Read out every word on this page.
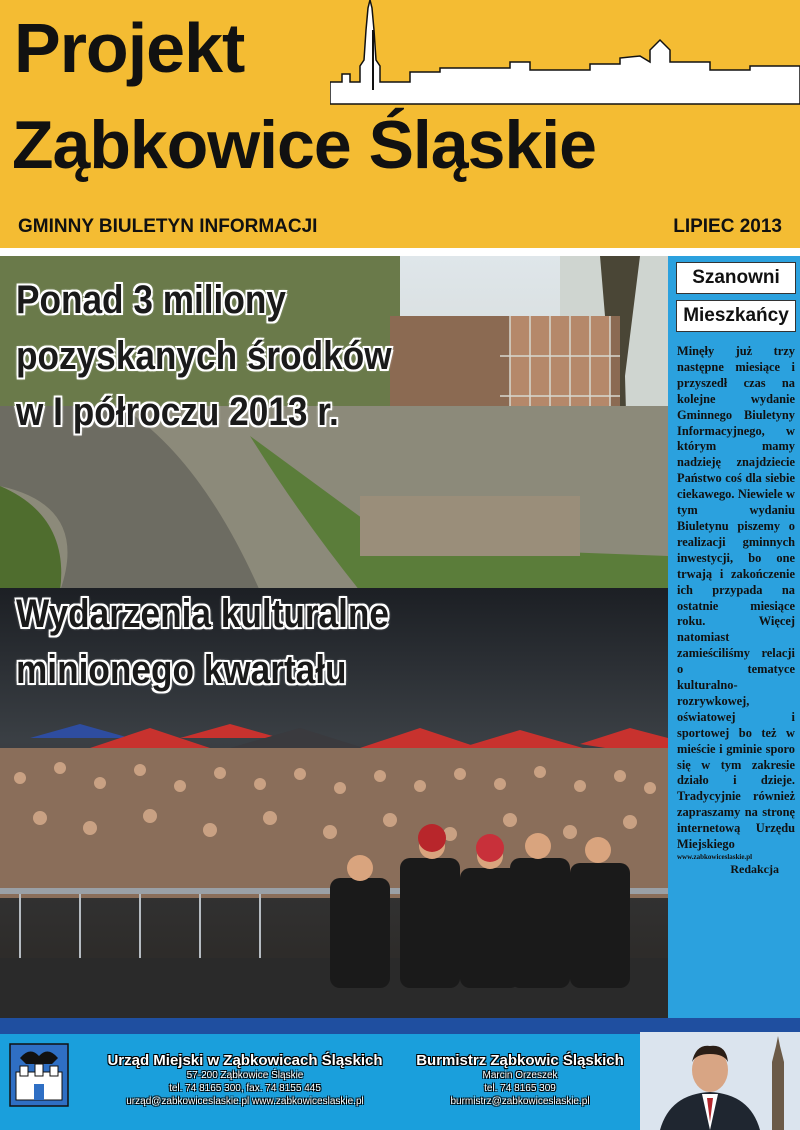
Projekt
Ząbkowice Śląskie
GMINNY BIULETYN INFORMACJI	LIPIEC 2013
Ponad 3 miliony
pozyskanych środków
w I półroczu 2013 r.
Wydarzenia kulturalne
minionego kwartału
Szanowni
Mieszkańcy
Minęły już trzy następne miesiące i przyszedł czas na kolejne wydanie Gminnego Biuletyny Informacyjnego, w którym mamy nadzieję znajdziecie Państwo coś dla siebie ciekawego. Niewiele w tym wydaniu Biuletynu piszemy o realizacji gminnych inwestycji, bo one trwają i zakończenie ich przypada na ostatnie miesiące roku. Więcej natomiast zamieściliśmy relacji o tematyce kulturalno-rozrywkowej, oświatowej i sportowej bo też w mieście i gminie sporo się w tym zakresie działo i dzieje. Tradycyjnie również zapraszamy na stronę internetową Urzędu Miejskiego
www.zabkowiceslaskie.pl
Redakcja
Urząd Miejski w Ząbkowicach Śląskich
57-200 Ząbkowice Śląskie
tel. 74 8165 300, fax. 74 8155 445
urząd@zabkowiceslaskie.pl www.zabkowiceslaskie.pl
Burmistrz Ząbkowic Śląskich
Marcin Orzeszek
tel. 74 8165 309
burmistrz@zabkowiceslaskie.pl
